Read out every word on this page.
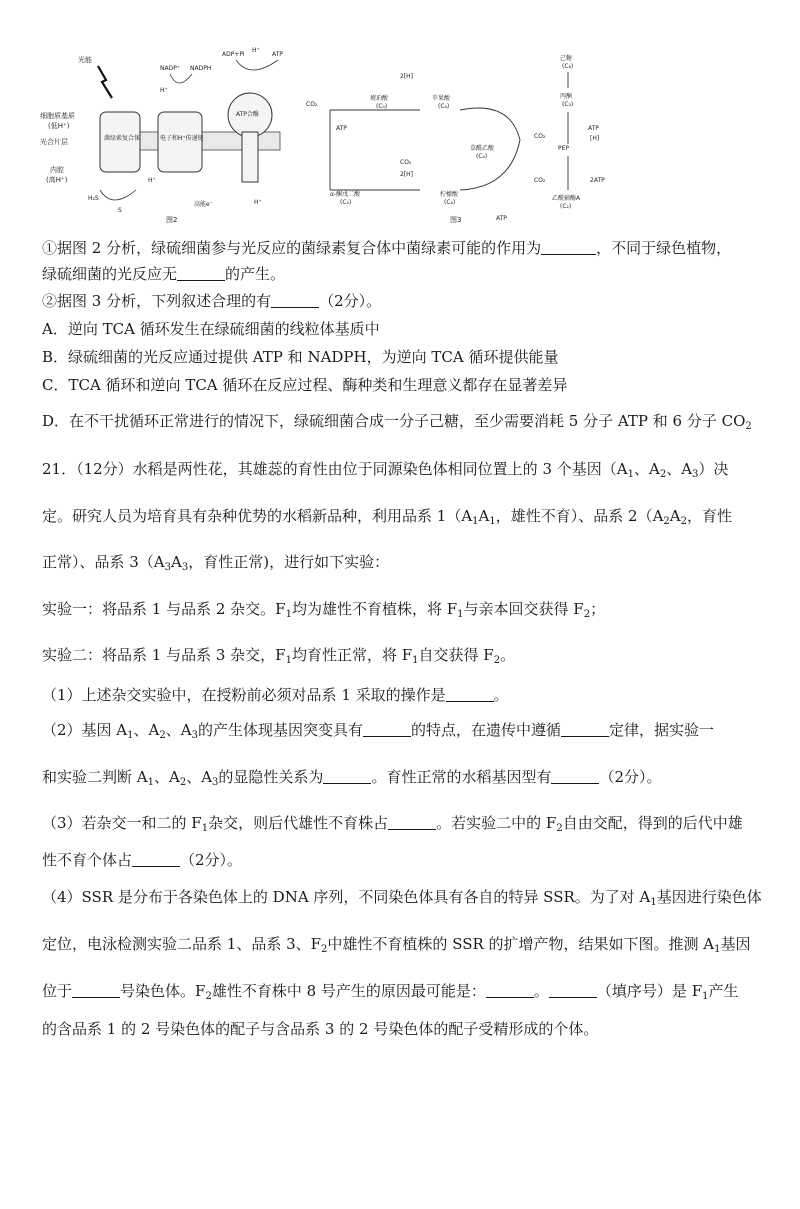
细胞质基质
(低H⁺)
光合片层
内腔
(高H⁺)
菌绿素复合体	电子和H⁺传递链
ATP合酶
光能
NADP⁺ NADPH
H⁺
ADP+Pi
H⁺
ATP
H₂S
S
H⁺
高能e⁻	H⁺
图2
CO₂
ATP
2[H]
琥珀酸
(C₄)
苹果酸
(C₄)
草酰乙酸
(C₄)
α-酮戊二酸
(C₅)
柠檬酸
(C₆)
CO₂
2[H]
ATP
CO₂
PEP
ATP
[H]
丙酮
(C₃)
己糖
(C₆)
CO₂	2ATP
乙酰辅酶A
(C₂)
图3
①据图 2 分析，绿硫细菌参与光反应的菌绿素复合体中菌绿素可能的作用为	，不同于绿色植物，
绿硫细菌的光反应无	的产生。
②据图 3 分析，下列叙述合理的有	（2分）。
A．逆向 TCA 循环发生在绿硫细菌的线粒体基质中
B．绿硫细菌的光反应通过提供 ATP 和 NADPH，为逆向 TCA 循环提供能量
C．TCA 循环和逆向 TCA 循环在反应过程、酶种类和生理意义都存在显著差异
D．在不干扰循环正常进行的情况下，绿硫细菌合成一分子己糖，至少需要消耗 5 分子 ATP 和 6 分子 $CO_2$
21．（12分）水稻是两性花，其雄蕊的育性由位于同源染色体相同位置上的 3 个基因（$A_1$、$A_2$、$A_3$）决
定。研究人员为培育具有杂种优势的水稻新品种，利用品系 $1(A_1A_1$，雄性不育）、品系 $2(A_2A_2$，育性
正常）、品系 $3(A_3A_3$，育性正常)，进行如下实验：
实验一：将品系 1 与品系 2 杂交。$F_1$均为雄性不育植株，将 $F_1$与亲本回交获得 $F_2$；
实验二：将品系 1 与品系 3 杂交，$F_1$均育性正常，将 $F_1$自交获得 $F_2$。
（1）上述杂交实验中，在授粉前必须对品系 1 采取的操作是	。
（2）基因 $A_1$、$A_2$、$A_3$的产生体现基因突变具有	的特点，在遗传中遵循	定律，据实验一
和实验二判断 $A_1$、$A_2$、$A_3$的显隐性关系为	。育性正常的水稻基因型有	（2分）。
（3）若杂交一和二的 $F_1$杂交，则后代雄性不育株占	。若实验二中的 $F_2$自由交配，得到的后代中雄
性不育个体占	（2分）。
（4）SSR 是分布于各染色体上的 DNA 序列，不同染色体具有各自的特异 SSR。为了对 $A_1$基因进行染色体
定位，电泳检测实验二品系 1、品系 3、$F_2$中雄性不育植株的 SSR 的扩增产物，结果如下图。推测 $A_1$基因
位于	号染色体。$F_2$雄性不育株中 8 号产生的原因最可能是：	。	（填序号）是 $F_1$产生
的含品系 1 的 2 号染色体的配子与含品系 3 的 2 号染色体的配子受精形成的个体。
